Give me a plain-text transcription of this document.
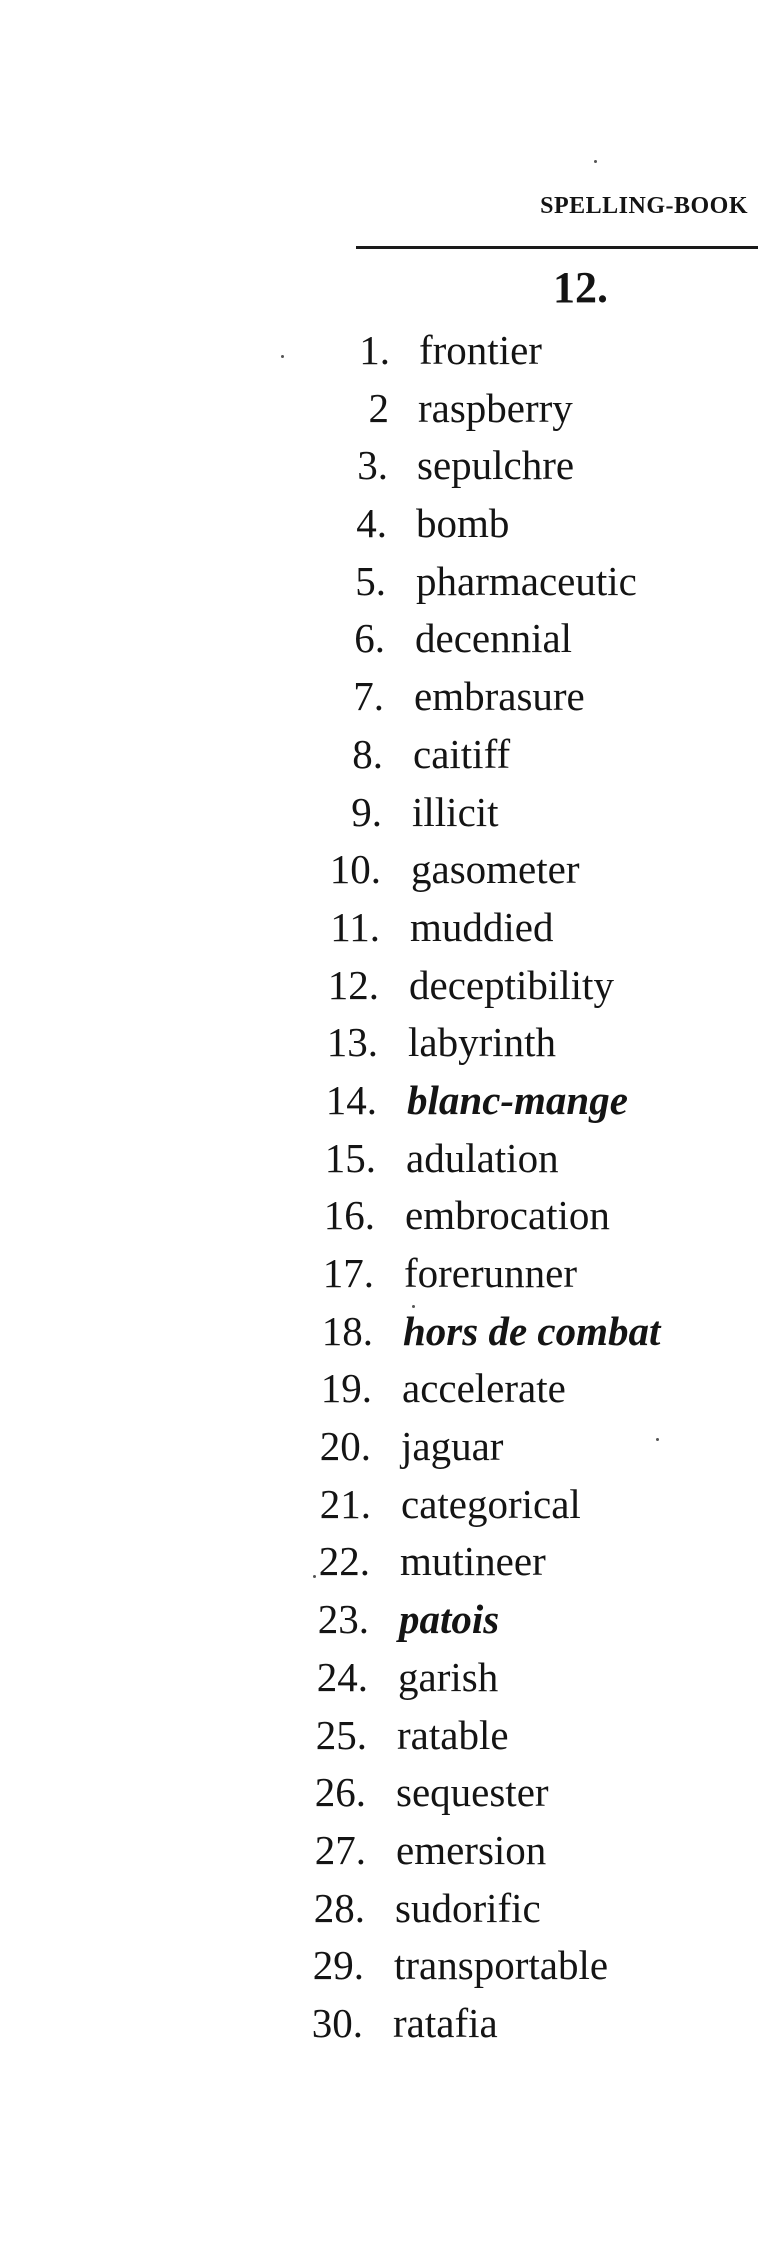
SPELLING-BOOK
12.
1. frontier
2 raspberry
3. sepulchre
4. bomb
5. pharmaceutic
6. decennial
7. embrasure
8. caitiff
9. illicit
10. gasometer
11. muddied
12. deceptibility
13. labyrinth
14. blanc-mange
15. adulation
16. embrocation
17. forerunner
18. hors de combat
19. accelerate
20. jaguar
21. categorical
22. mutineer
23. patois
24. garish
25. ratable
26. sequester
27. emersion
28. sudorific
29. transportable
30. ratafia
